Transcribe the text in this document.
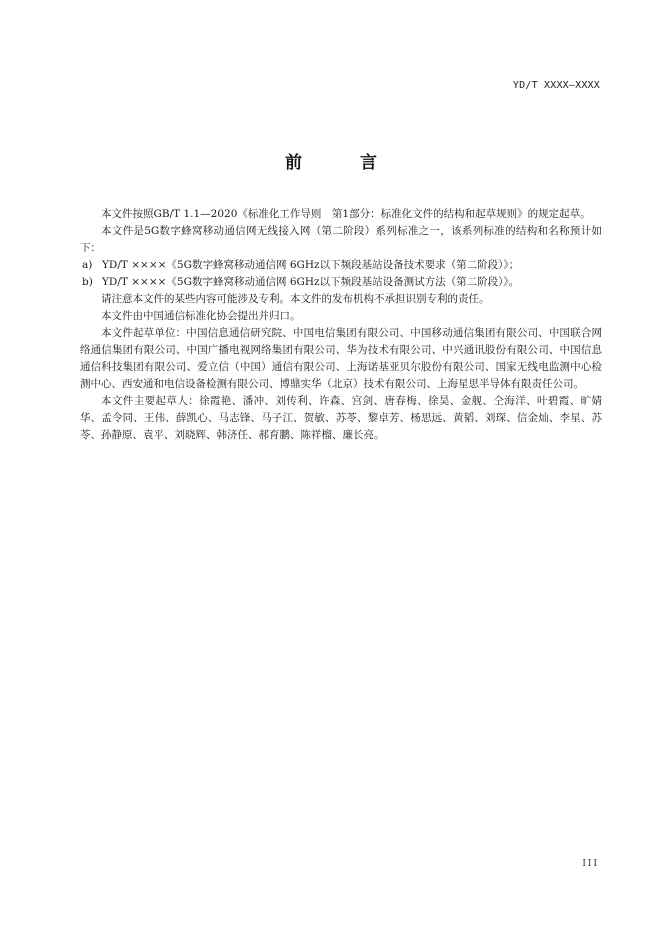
YD/T XXXX—XXXX
前 言

本文件按照GB/T 1.1—2020《标准化工作导则　第1部分：标准化文件的结构和起草规则》的规定起草。

本文件是5G数字蜂窝移动通信网无线接入网（第二阶段）系列标准之一，该系列标准的结构和名称预计如下：

a) YD/T ××××《5G数字蜂窝移动通信网 6GHz以下频段基站设备技术要求（第二阶段）》；
b) YD/T ××××《5G数字蜂窝移动通信网 6GHz以下频段基站设备测试方法（第二阶段）》。

请注意本文件的某些内容可能涉及专利。本文件的发布机构不承担识别专利的责任。

本文件由中国通信标准化协会提出并归口。

本文件起草单位：中国信息通信研究院、中国电信集团有限公司、中国移动通信集团有限公司、中国联合网络通信集团有限公司、中国广播电视网络集团有限公司、华为技术有限公司、中兴通讯股份有限公司、中国信息通信科技集团有限公司、爱立信（中国）通信有限公司、上海诺基亚贝尔股份有限公司、国家无线电监测中心检测中心、西安通和电信设备检测有限公司、博鼎实华（北京）技术有限公司、上海星思半导体有限责任公司。

本文件主要起草人：徐霞艳、潘冲、刘传利、许森、宫剑、唐春梅、徐昊、金舰、仝海洋、叶碧霞、旷婧华、孟令同、王伟、薛凯心、马志锋、马子江、贺敏、苏苓、黎卓芳、杨思远、黄韬、刘琛、信金灿、李星、苏苓、孙静原、袁平、刘晓辉、韩济任、郝育鹏、陈祥榴、廉长亮。

III
